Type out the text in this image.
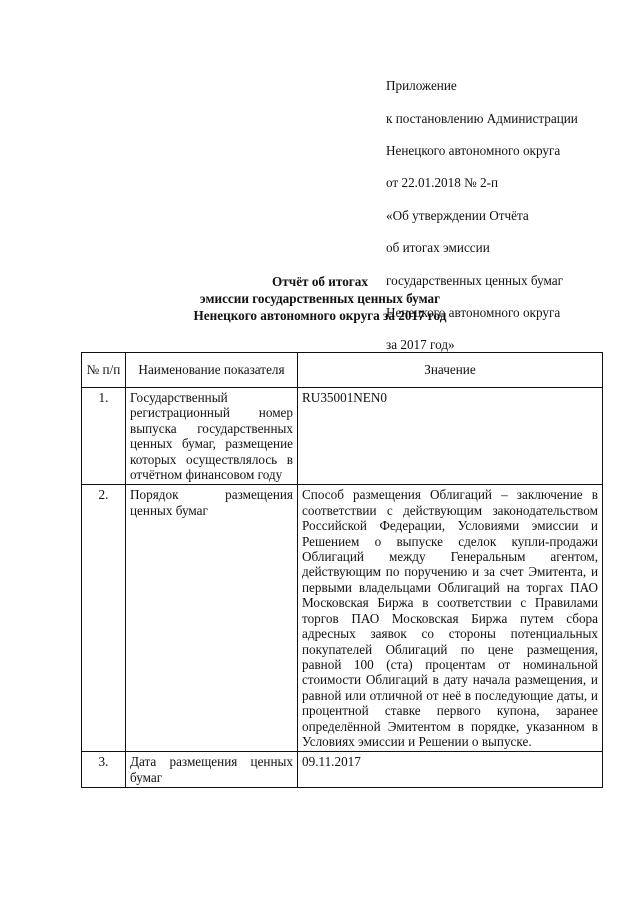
Приложение

к постановлению Администрации

Ненецкого автономного округа

от 22.01.2018 № 2-п

«Об утверждении Отчёта

об итогах эмиссии

государственных ценных бумаг

Ненецкого автономного округа

за 2017 год»

Отчёт об итогах
эмиссии государственных ценных бумаг
Ненецкого автономного округа за 2017 год
№ п/п	Наименование показателя	Значение
1.	Государственный регистрационный номер выпуска государственных ценных бумаг, размещение которых осуществлялось в отчётном финансовом году	RU35001NEN0
2.	Порядок размещения ценных бумаг	Способ размещения Облигаций – заключение в соответствии с действующим законодательством Российской Федерации, Условиями эмиссии и Решением о выпуске сделок купли-продажи Облигаций между Генеральным агентом, действующим по поручению и за счет Эмитента, и первыми владельцами Облигаций на торгах ПАО Московская Биржа в соответствии с Правилами торгов ПАО Московская Биржа путем сбора адресных заявок со стороны потенциальных покупателей Облигаций по цене размещения, равной 100 (ста) процентам от номинальной стоимости Облигаций в дату начала размещения, и равной или отличной от неё в последующие даты, и процентной ставке первого купона, заранее определённой Эмитентом в порядке, указанном в Условиях эмиссии и Решении о выпуске.
3.	Дата размещения ценных бумаг	09.11.2017
